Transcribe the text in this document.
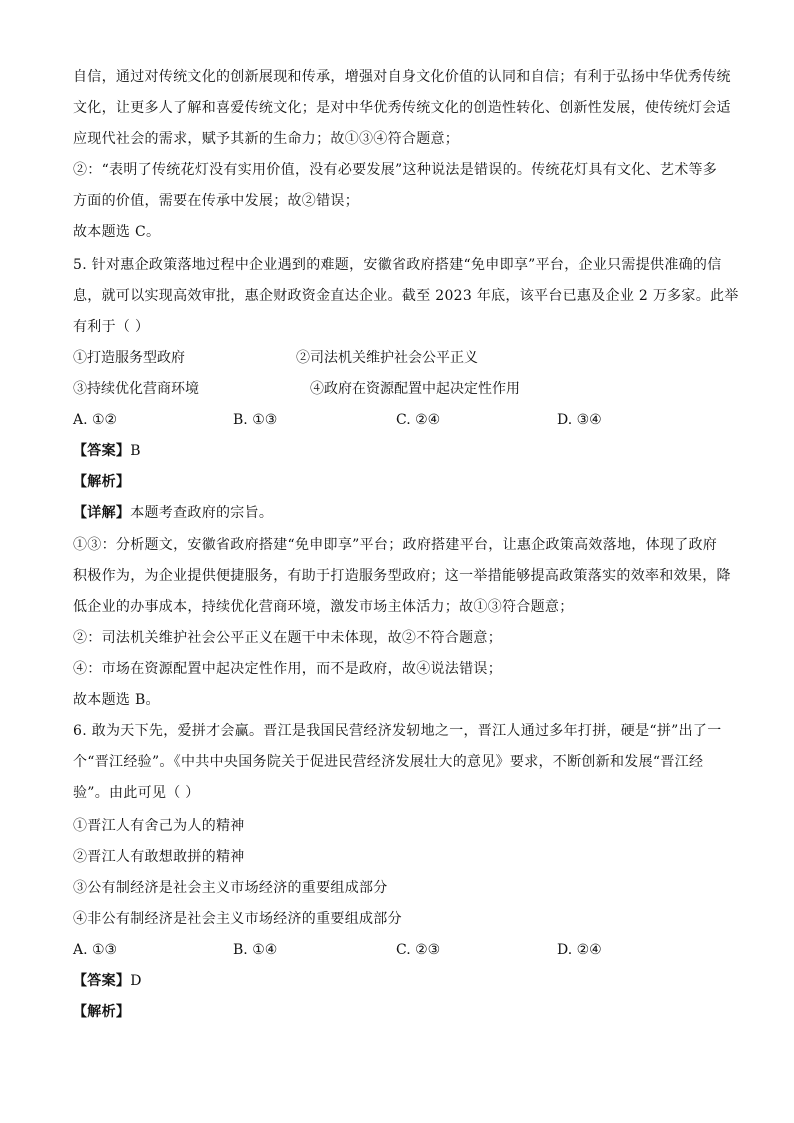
自信，通过对传统文化的创新展现和传承，增强对自身文化价值的认同和自信；有利于弘扬中华优秀传统
文化，让更多人了解和喜爱传统文化；是对中华优秀传统文化的创造性转化、创新性发展，使传统灯会适
应现代社会的需求，赋予其新的生命力；故①③④符合题意；
②：“表明了传统花灯没有实用价值，没有必要发展”这种说法是错误的。传统花灯具有文化、艺术等多
方面的价值，需要在传承中发展；故②错误；
故本题选 C。
5. 针对惠企政策落地过程中企业遇到的难题，安徽省政府搭建“免申即享”平台，企业只需提供准确的信
息，就可以实现高效审批，惠企财政资金直达企业。截至 2023 年底，该平台已惠及企业 2 万多家。此举
有利于（ ）
①打造服务型政府	②司法机关维护社会公平正义
③持续优化营商环境	④政府在资源配置中起决定性作用
A. ①②	B. ①③	C. ②④	D. ③④
【答案】B
【解析】
【详解】本题考查政府的宗旨。
①③：分析题文，安徽省政府搭建“免申即享”平台；政府搭建平台，让惠企政策高效落地，体现了政府
积极作为，为企业提供便捷服务，有助于打造服务型政府；这一举措能够提高政策落实的效率和效果，降
低企业的办事成本，持续优化营商环境，激发市场主体活力；故①③符合题意；
②：司法机关维护社会公平正义在题干中未体现，故②不符合题意；
④：市场在资源配置中起决定性作用，而不是政府，故④说法错误；
故本题选 B。
6. 敢为天下先，爱拼才会赢。晋江是我国民营经济发轫地之一，晋江人通过多年打拼，硬是“拼”出了一
个“晋江经验”。《中共中央国务院关于促进民营经济发展壮大的意见》要求，不断创新和发展“晋江经
验”。由此可见（ ）
①晋江人有舍己为人的精神
②晋江人有敢想敢拼的精神
③公有制经济是社会主义市场经济的重要组成部分
④非公有制经济是社会主义市场经济的重要组成部分
A. ①③	B. ①④	C. ②③	D. ②④
【答案】D
【解析】
